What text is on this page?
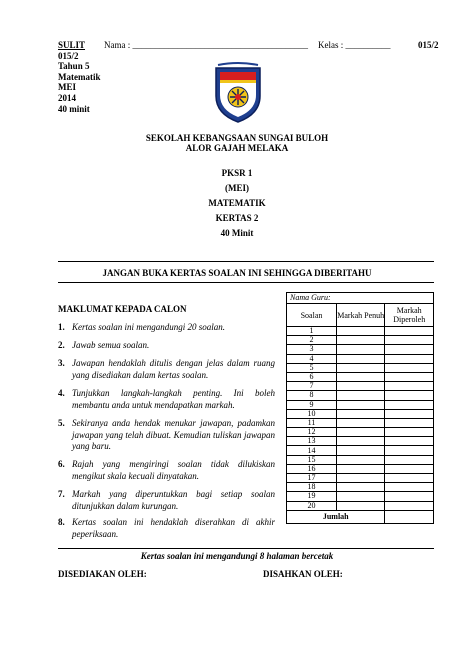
SULIT
015/2
Tahun 5
Matematik
MEI
2014
40 minit
Nama : _______________________________________ Kelas : __________	015/2
SEKOLAH KEBANGSAAN SUNGAI BULOH
ALOR GAJAH MELAKA
PKSR 1
(MEI)
MATEMATIK
KERTAS 2
40 Minit
JANGAN BUKA KERTAS SOALAN INI SEHINGGA DIBERITAHU
MAKLUMAT KEPADA CALON
1. Kertas soalan ini mengandungi 20 soalan.
2. Jawab semua soalan.
3. Jawapan hendaklah ditulis dengan jelas dalam ruang yang disediakan dalam kertas soalan.
4. Tunjukkan langkah-langkah penting. Ini boleh membantu anda untuk mendapatkan markah.
5. Sekiranya anda hendak menukar jawapan, padamkan jawapan yang telah dibuat. Kemudian tuliskan jawapan yang baru.
6. Rajah yang mengiringi soalan tidak dilukiskan mengikut skala kecuali dinyatakan.
7. Markah yang diperuntukkan bagi setiap soalan ditunjukkan dalam kurungan.
8. Kertas soalan ini hendaklah diserahkan di akhir peperiksaan.
Nama Guru:		
Soalan	Markah Penuh	Markah Diperoleh
1		
2		
3		
4		
5		
6		
7		
8		
9		
10		
11		
12		
13		
14		
15		
16		
17		
18		
19		
20		
Jumlah		
Kertas soalan ini mengandungi 8 halaman bercetak
DISEDIAKAN OLEH:	DISAHKAN OLEH:
